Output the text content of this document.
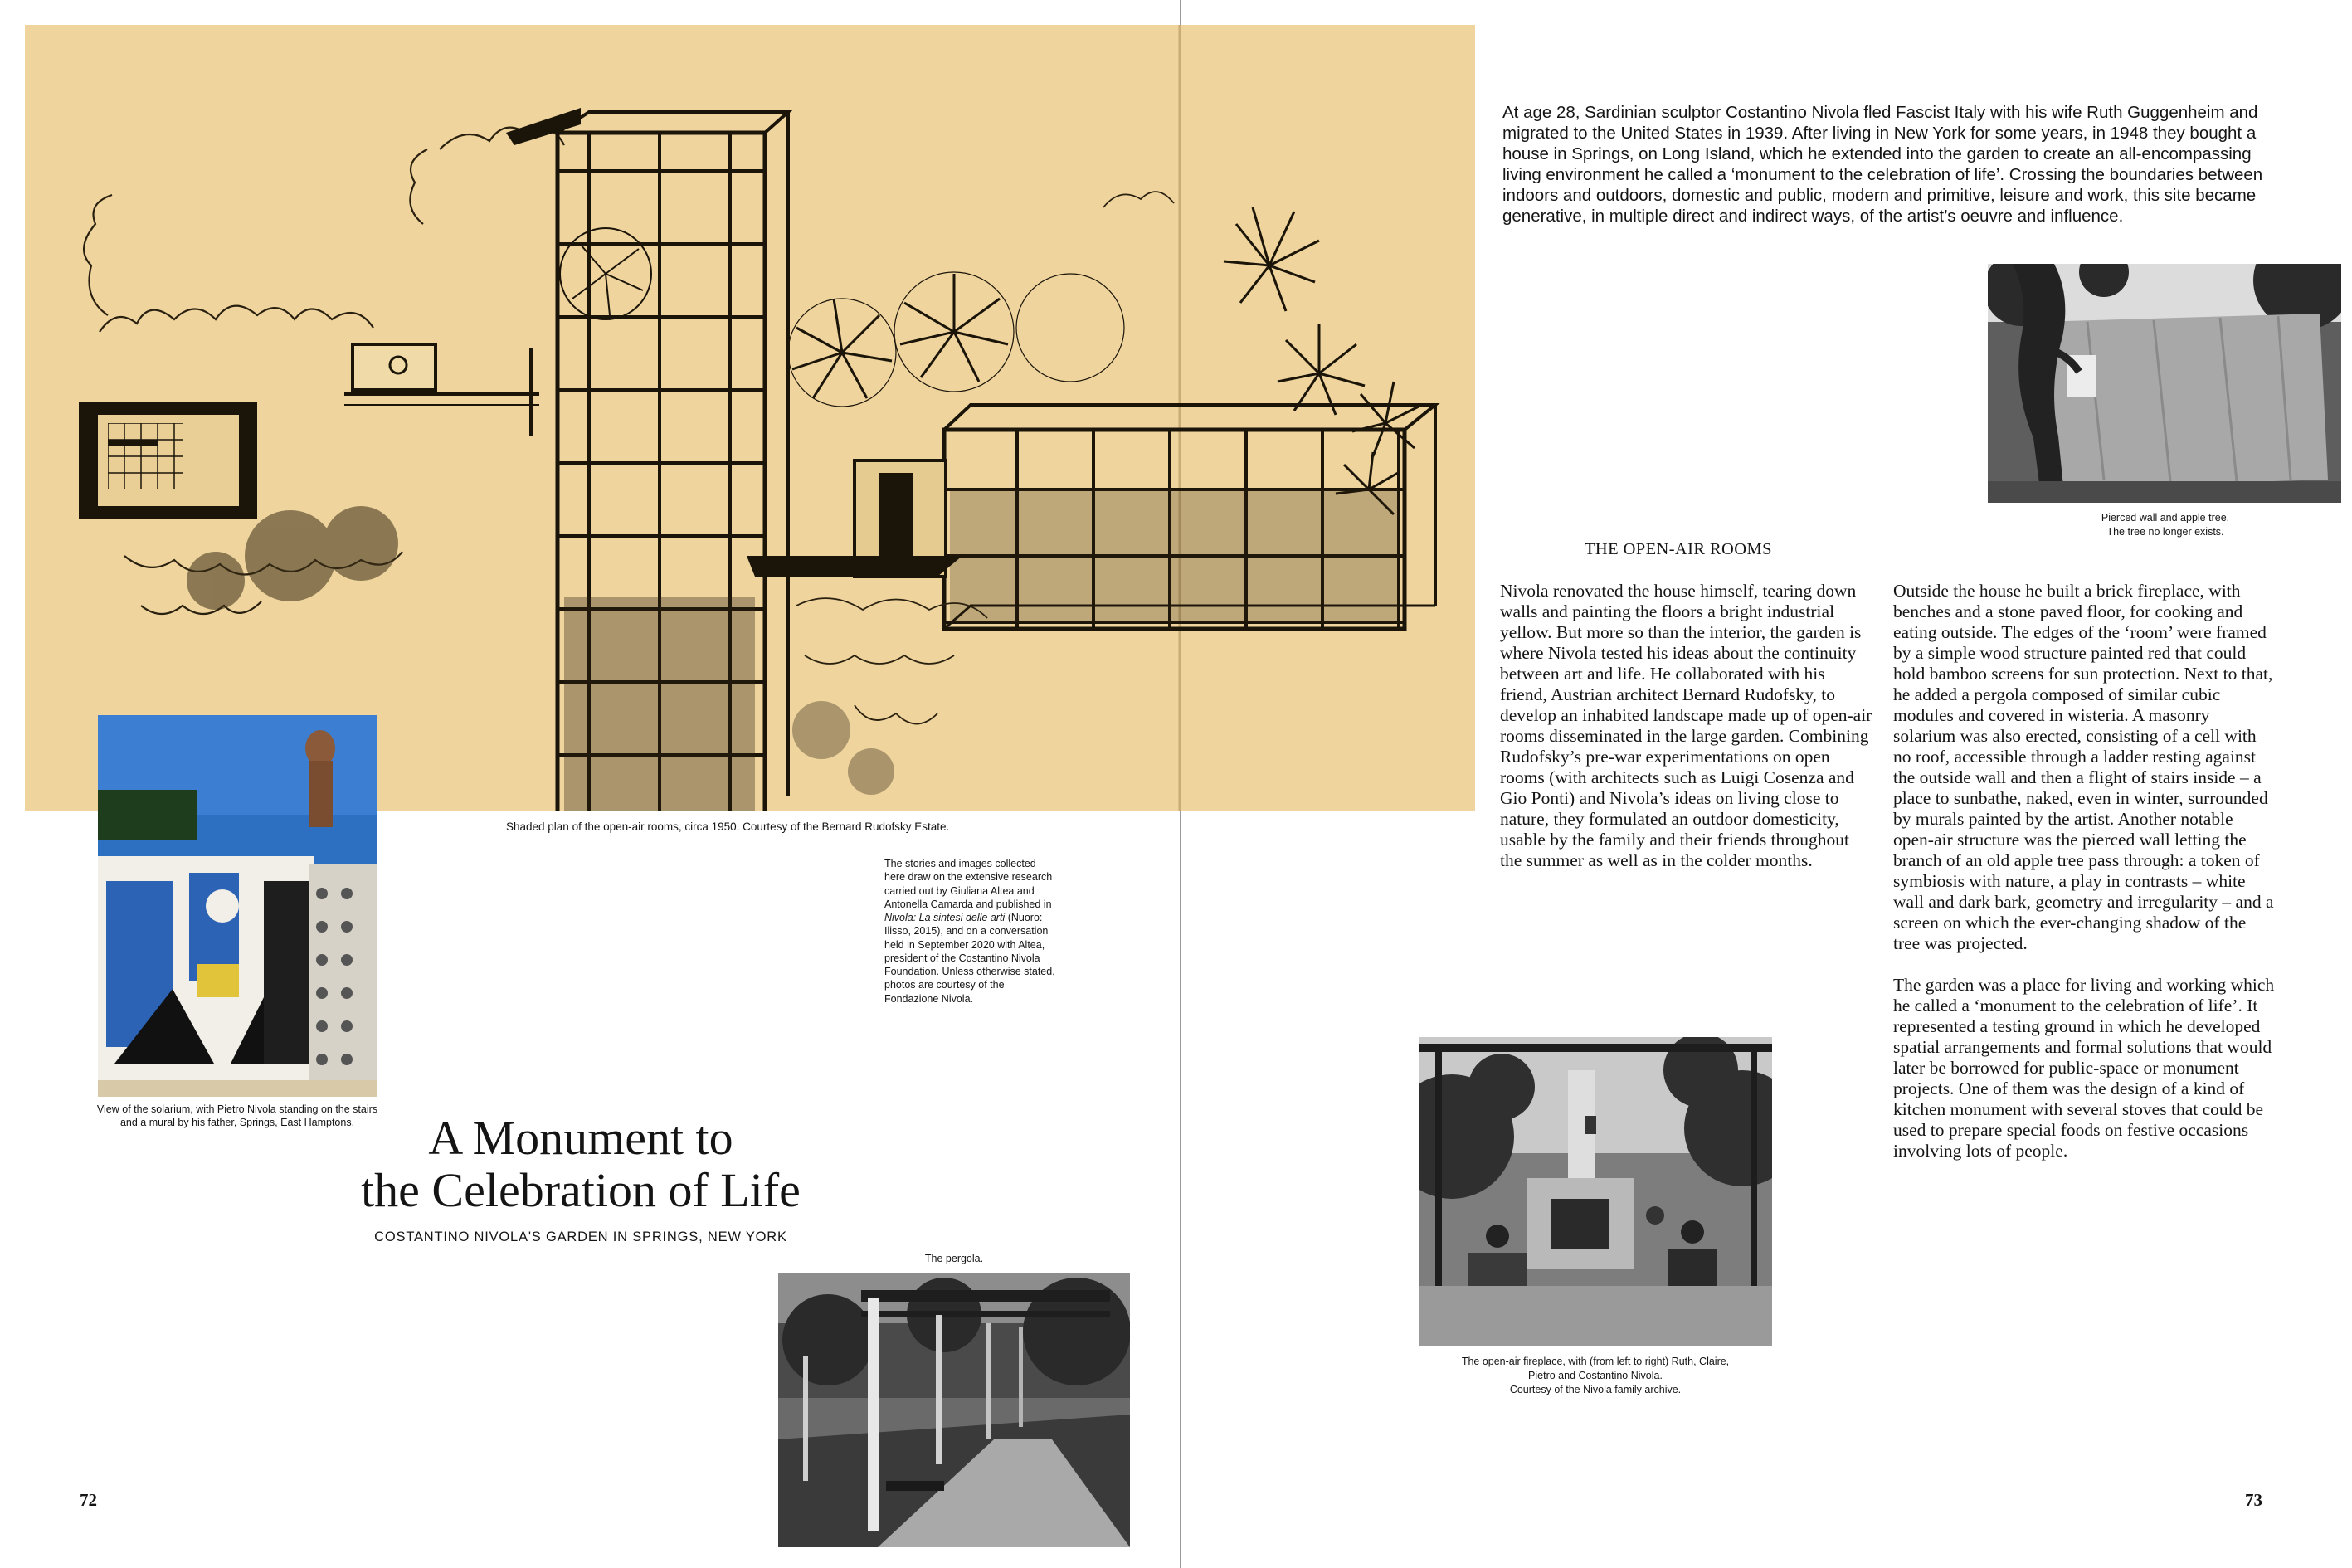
View of the solarium, with Pietro Nivola standing on the stairs and a mural by his father, Springs, East Hamptons.
Shaded plan of the open-air rooms, circa 1950. Courtesy of the Bernard Rudofsky Estate.
The stories and images collected here draw on the extensive research carried out by Giuliana Altea and Antonella Camarda and published in Nivola: La sintesi delle arti (Nuoro: Ilisso, 2015), and on a conversation held in September 2020 with Altea, president of the Costantino Nivola Foundation. Unless otherwise stated, photos are courtesy of the Fondazione Nivola.
A Monument to
the Celebration of Life
COSTANTINO NIVOLA'S GARDEN IN SPRINGS, NEW YORK
The pergola.
72
At age 28, Sardinian sculptor Costantino Nivola fled Fascist Italy with his wife Ruth Guggenheim and migrated to the United States in 1939. After living in New York for some years, in 1948 they bought a house in Springs, on Long Island, which he extended into the garden to create an all-encompassing living environment he called a ‘monument to the celebration of life’. Crossing the boundaries between indoors and outdoors, domestic and public, modern and primitive, leisure and work, this site became generative, in multiple direct and indirect ways, of the artist’s oeuvre and influence.
Pierced wall and apple tree.
The tree no longer exists.
THE OPEN-AIR ROOMS

Nivola renovated the house himself, tearing down walls and painting the floors a bright industrial yellow. But more so than the interior, the garden is where Nivola tested his ideas about the continuity between art and life. He collaborated with his friend, Austrian architect Bernard Rudofsky, to develop an inhabited landscape made up of open-air rooms disseminated in the large garden. Combining Rudofsky’s pre-war experimentations on open rooms (with architects such as Luigi Cosenza and Gio Ponti) and Nivola’s ideas on living close to nature, they formulated an outdoor domesticity, usable by the family and their friends throughout the summer as well as in the colder months.

Outside the house he built a brick fireplace, with benches and a stone paved floor, for cooking and eating outside. The edges of the ‘room’ were framed by a simple wood structure painted red that could hold bamboo screens for sun protection. Next to that, he added a pergola composed of similar cubic modules and covered in wisteria. A masonry solarium was also erected, consisting of a cell with no roof, accessible through a ladder resting against the outside wall and then a flight of stairs inside – a place to sunbathe, naked, even in winter, surrounded by murals painted by the artist. Another notable open-air structure was the pierced wall letting the branch of an old apple tree pass through: a token of symbiosis with nature, a play in contrasts – white wall and dark bark, geometry and irregularity – and a screen on which the ever-changing shadow of the tree was projected.

The garden was a place for living and working which he called a ‘monument to the celebration of life’. It represented a testing ground in which he developed spatial arrangements and formal solutions that would later be borrowed for public-space or monument projects. One of them was the design of a kind of kitchen monument with several stoves that could be used to prepare special foods on festive occasions involving lots of people.

The open-air fireplace, with (from left to right) Ruth, Claire,
Pietro and Costantino Nivola.
Courtesy of the Nivola family archive.
73
